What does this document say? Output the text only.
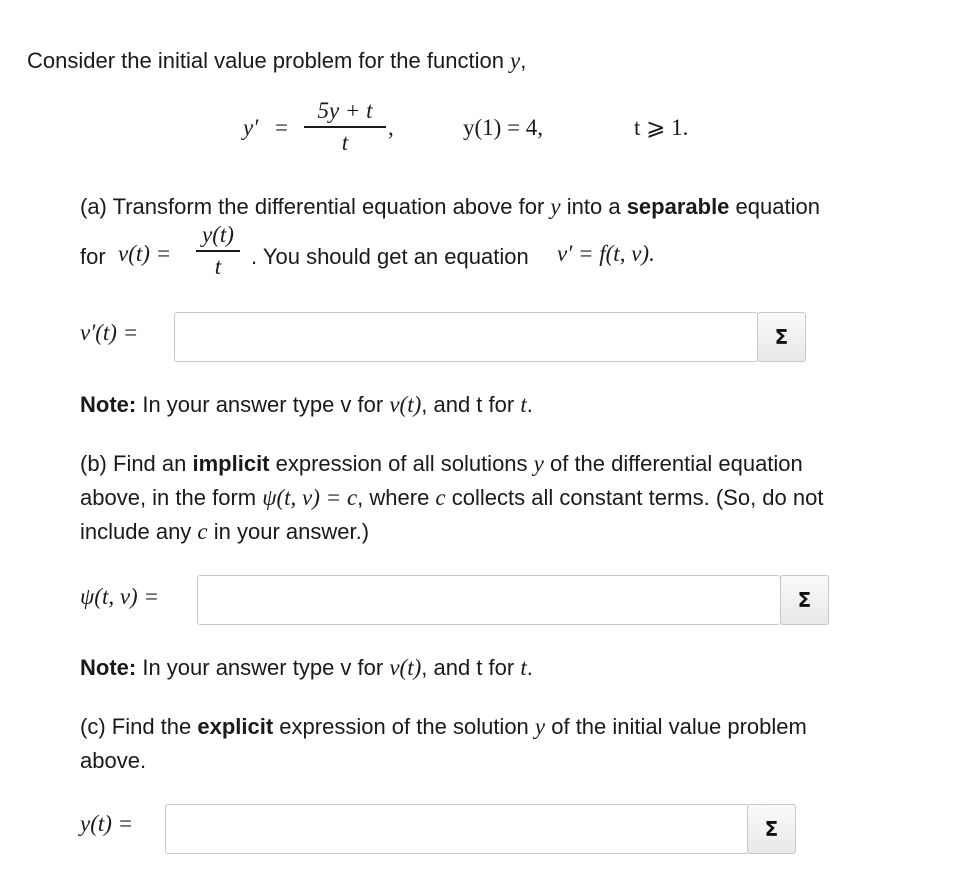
Consider the initial value problem for the function y,
y′ =
5y + t
t
,	y(1) = 4,	t ⩾ 1.
(a) Transform the differential equation above for y into a separable equation
for v(t) =
y(t)
t	. You should get an equation v′ = f(t, v).
v′(t) =	Σ
Note: In your answer type v for v(t), and t for t.
(b) Find an implicit expression of all solutions y of the differential equation
above, in the form ψ(t, v) = c, where c collects all constant terms. (So, do not
include any c in your answer.)
ψ(t, v) =	Σ
Note: In your answer type v for v(t), and t for t.
(c) Find the explicit expression of the solution y of the initial value problem
above.
y(t) =	Σ
